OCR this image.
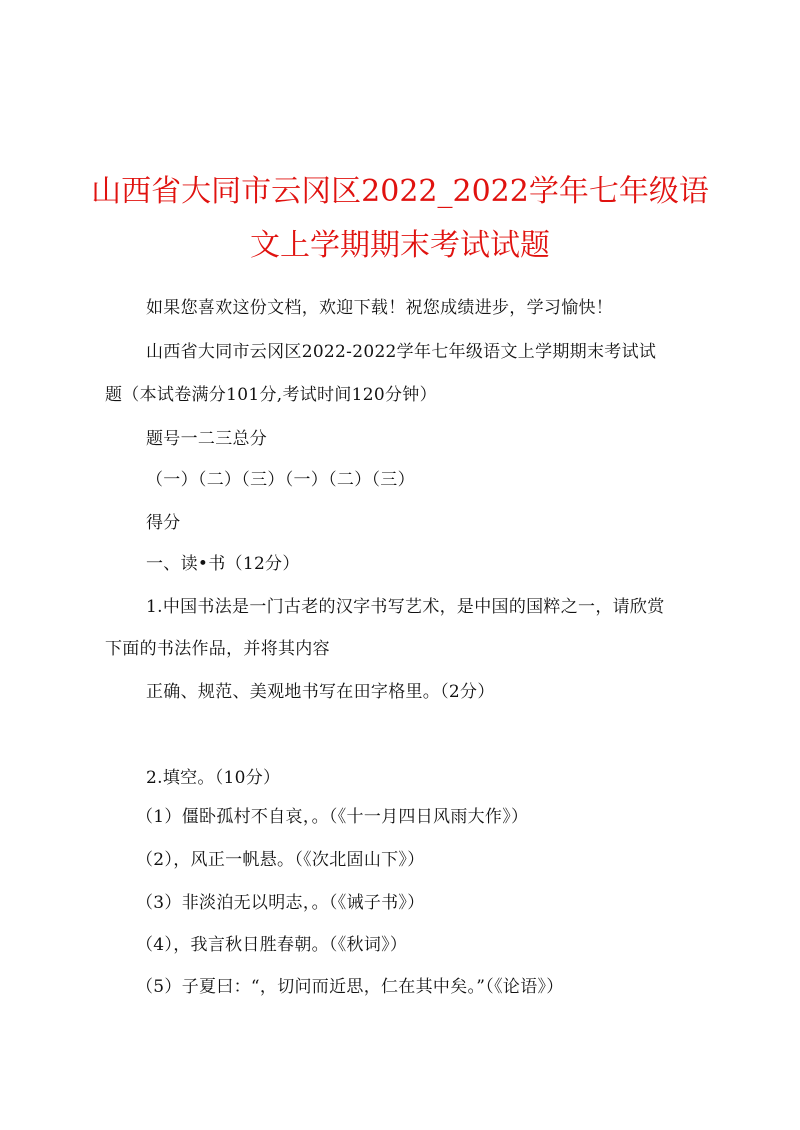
山西省大同市云冈区2022_2022学年七年级语
文上学期期末考试试题

如果您喜欢这份文档，欢迎下载！祝您成绩进步，学习愉快！

山西省大同市云冈区2022-2022学年七年级语文上学期期末考试试

题（本试卷满分101分,考试时间120分钟）

题号一二三总分

（一）（二）（三）（一）（二）（三）

得分

一、读•书（12分）

1.中国书法是一门古老的汉字书写艺术，是中国的国粹之一，请欣赏

下面的书法作品，并将其内容

正确、规范、美观地书写在田字格里。（2分）

2.填空。（10分）

（1）僵卧孤村不自哀，。（《十一月四日风雨大作》）

（2），风正一帆悬。（《次北固山下》）

（3）非淡泊无以明志，。（《诫子书》）

（4），我言秋日胜春朝。（《秋词》）

（5）子夏曰：“，切问而近思，仁在其中矣。”（《论语》）
